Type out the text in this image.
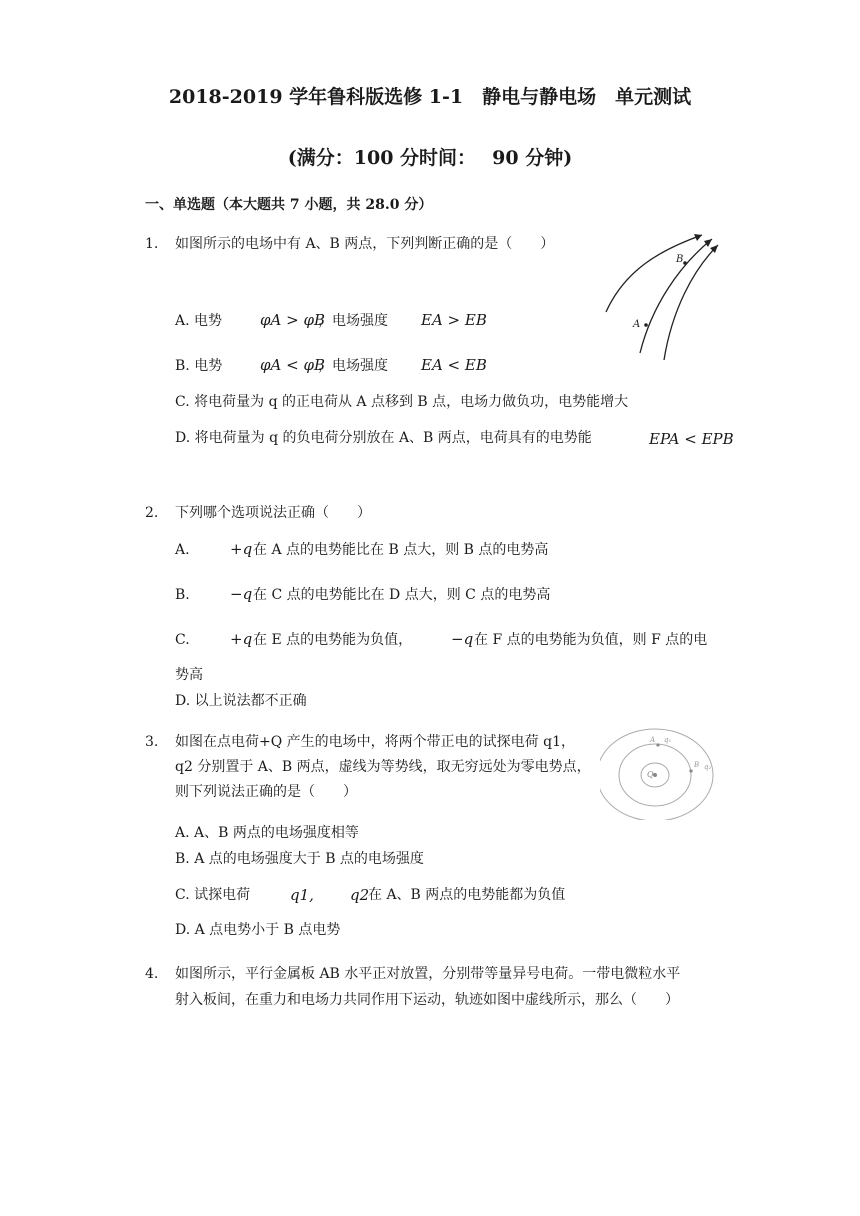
2018-2019 学年鲁科版选修 1-1　静电与静电场　单元测试
(满分：100 分时间：　 90 分钟)
一、单选题（本大题共 7 小题，共 28.0 分）
1. 如图所示的电场中有 A、B 两点，下列判断正确的是（　　）
A. 电势	φA > φB
，电场强度 EA > EB
B. 电势	φA < φB
，电场强度 EA < EB
C. 将电荷量为 q 的正电荷从 A 点移到 B 点，电场力做负功，电势能增大
D. 将电荷量为 q 的负电荷分别放在 A、B 两点，电荷具有的电势能	EPA < EPB
A
B
2. 下列哪个选项说法正确（　　）
A.	+q 在 A 点的电势能比在 B 点大，则 B 点的电势高
B.	−q 在 C 点的电势能比在 D 点大，则 C 点的电势高
C.	+q 在 E 点的电势能为负值，	−q 在 F 点的电势能为负值，则 F 点的电
势高
D. 以上说法都不正确
3. 如图在点电荷+Q 产生的电场中，将两个带正电的试探电荷 q1，
q2 分别置于 A、B 两点，虚线为等势线，取无穷远处为零电势点，
则下列说法正确的是（　　）
A. A、B 两点的电场强度相等
B. A 点的电场强度大于 B 点的电场强度
C. 试探电荷	q1, q2
在 A、B 两点的电势能都为负值
D. A 点电势小于 B 点电势
Q
A q₁
B q₂
4. 如图所示，平行金属板 AB 水平正对放置，分别带等量异号电荷。一带电微粒水平
射入板间，在重力和电场力共同作用下运动，轨迹如图中虚线所示，那么（　　）
